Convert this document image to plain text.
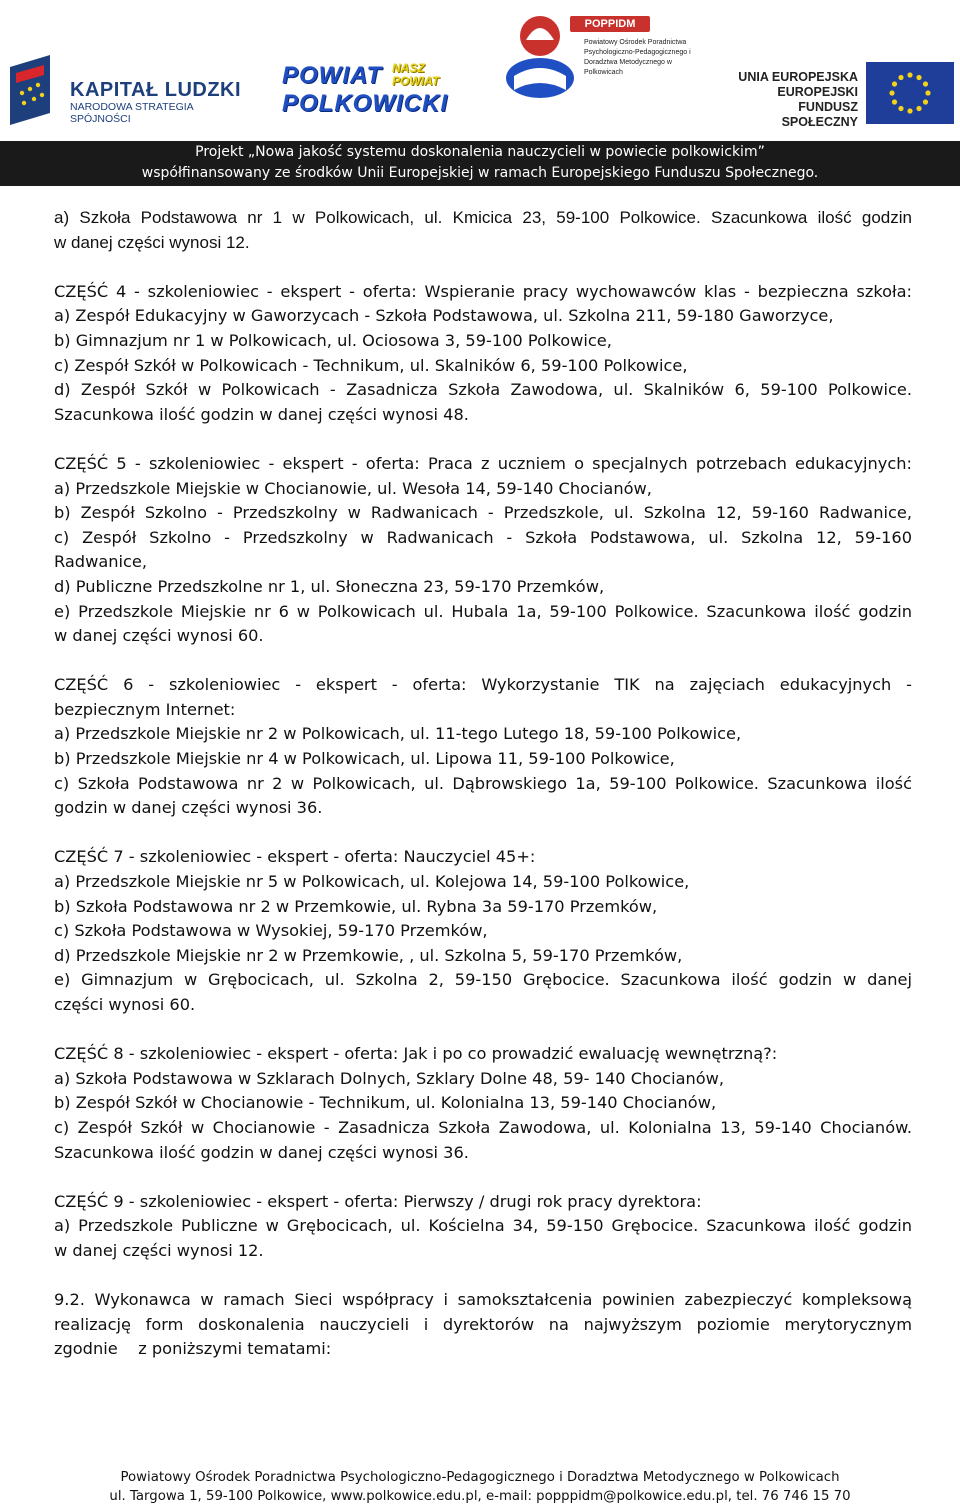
KAPITAŁ LUDZKI
NARODOWA STRATEGIA SPÓJNOŚCI
POWIAT NASZ
POWIAT
POLKOWICKI
POPPIDM
Powiatowy Ośrodek Poradnictwa Psychologiczno-Pedagogicznego i Doradztwa Metodycznego w Polkowicach	UNIA EUROPEJSKA
EUROPEJSKI
FUNDUSZ SPOŁECZNY
Projekt „Nowa jakość systemu doskonalenia nauczycieli w powiecie polkowickim”
współfinansowany ze środków Unii Europejskiej w ramach Europejskiego Funduszu Społecznego.

a) Szkoła Podstawowa nr 1 w Polkowicach, ul. Kmicica 23, 59-100 Polkowice. Szacunkowa ilość godzin
w danej części wynosi 12.

CZĘŚĆ 4 - szkoleniowiec - ekspert - oferta: Wspieranie pracy wychowawców klas - bezpieczna szkoła:
a) Zespół Edukacyjny w Gaworzycach - Szkoła Podstawowa, ul. Szkolna 211, 59-180 Gaworzyce,
b) Gimnazjum nr 1 w Polkowicach, ul. Ociosowa 3, 59-100 Polkowice,
c) Zespół Szkół w Polkowicach - Technikum, ul. Skalników 6, 59-100 Polkowice,
d) Zespół Szkół w Polkowicach - Zasadnicza Szkoła Zawodowa, ul. Skalników 6, 59-100 Polkowice.
Szacunkowa ilość godzin w danej części wynosi 48.

CZĘŚĆ 5 - szkoleniowiec - ekspert - oferta: Praca z uczniem o specjalnych potrzebach edukacyjnych:
a) Przedszkole Miejskie w Chocianowie, ul. Wesoła 14, 59-140 Chocianów,
b) Zespół Szkolno - Przedszkolny w Radwanicach - Przedszkole, ul. Szkolna 12, 59-160 Radwanice,
c) Zespół Szkolno - Przedszkolny w Radwanicach - Szkoła Podstawowa, ul. Szkolna 12, 59-160
Radwanice,
d) Publiczne Przedszkolne nr 1, ul. Słoneczna 23, 59-170 Przemków,
e) Przedszkole Miejskie nr 6 w Polkowicach ul. Hubala 1a, 59-100 Polkowice. Szacunkowa ilość godzin
w danej części wynosi 60.

CZĘŚĆ 6 - szkoleniowiec - ekspert - oferta: Wykorzystanie TIK na zajęciach edukacyjnych -
bezpiecznym Internet:
a) Przedszkole Miejskie nr 2 w Polkowicach, ul. 11-tego Lutego 18, 59-100 Polkowice,
b) Przedszkole Miejskie nr 4 w Polkowicach, ul. Lipowa 11, 59-100 Polkowice,
c) Szkoła Podstawowa nr 2 w Polkowicach, ul. Dąbrowskiego 1a, 59-100 Polkowice. Szacunkowa ilość
godzin w danej części wynosi 36.

CZĘŚĆ 7 - szkoleniowiec - ekspert - oferta: Nauczyciel 45+:
a) Przedszkole Miejskie nr 5 w Polkowicach, ul. Kolejowa 14, 59-100 Polkowice,
b) Szkoła Podstawowa nr 2 w Przemkowie, ul. Rybna 3a 59-170 Przemków,
c) Szkoła Podstawowa w Wysokiej, 59-170 Przemków,
d) Przedszkole Miejskie nr 2 w Przemkowie, , ul. Szkolna 5, 59-170 Przemków,
e) Gimnazjum w Grębocicach, ul. Szkolna 2, 59-150 Grębocice. Szacunkowa ilość godzin w danej
części wynosi 60.

CZĘŚĆ 8 - szkoleniowiec - ekspert - oferta: Jak i po co prowadzić ewaluację wewnętrzną?:
a) Szkoła Podstawowa w Szklarach Dolnych, Szklary Dolne 48, 59- 140 Chocianów,
b) Zespół Szkół w Chocianowie - Technikum, ul. Kolonialna 13, 59-140 Chocianów,
c) Zespół Szkół w Chocianowie - Zasadnicza Szkoła Zawodowa, ul. Kolonialna 13, 59-140 Chocianów.
Szacunkowa ilość godzin w danej części wynosi 36.

CZĘŚĆ 9 - szkoleniowiec - ekspert - oferta: Pierwszy / drugi rok pracy dyrektora:
a) Przedszkole Publiczne w Grębocicach, ul. Kościelna 34, 59-150 Grębocice. Szacunkowa ilość godzin
w danej części wynosi 12.

9.2. Wykonawca w ramach Sieci współpracy i samokształcenia powinien zabezpieczyć kompleksową
realizację form doskonalenia nauczycieli i dyrektorów na najwyższym poziomie merytorycznym
zgodnie    z poniższymi tematami:

Powiatowy Ośrodek Poradnictwa Psychologiczno-Pedagogicznego i Doradztwa Metodycznego w Polkowicach
ul. Targowa 1, 59-100 Polkowice, www.polkowice.edu.pl, e-mail: popppidm@polkowice.edu.pl, tel. 76 746 15 70
